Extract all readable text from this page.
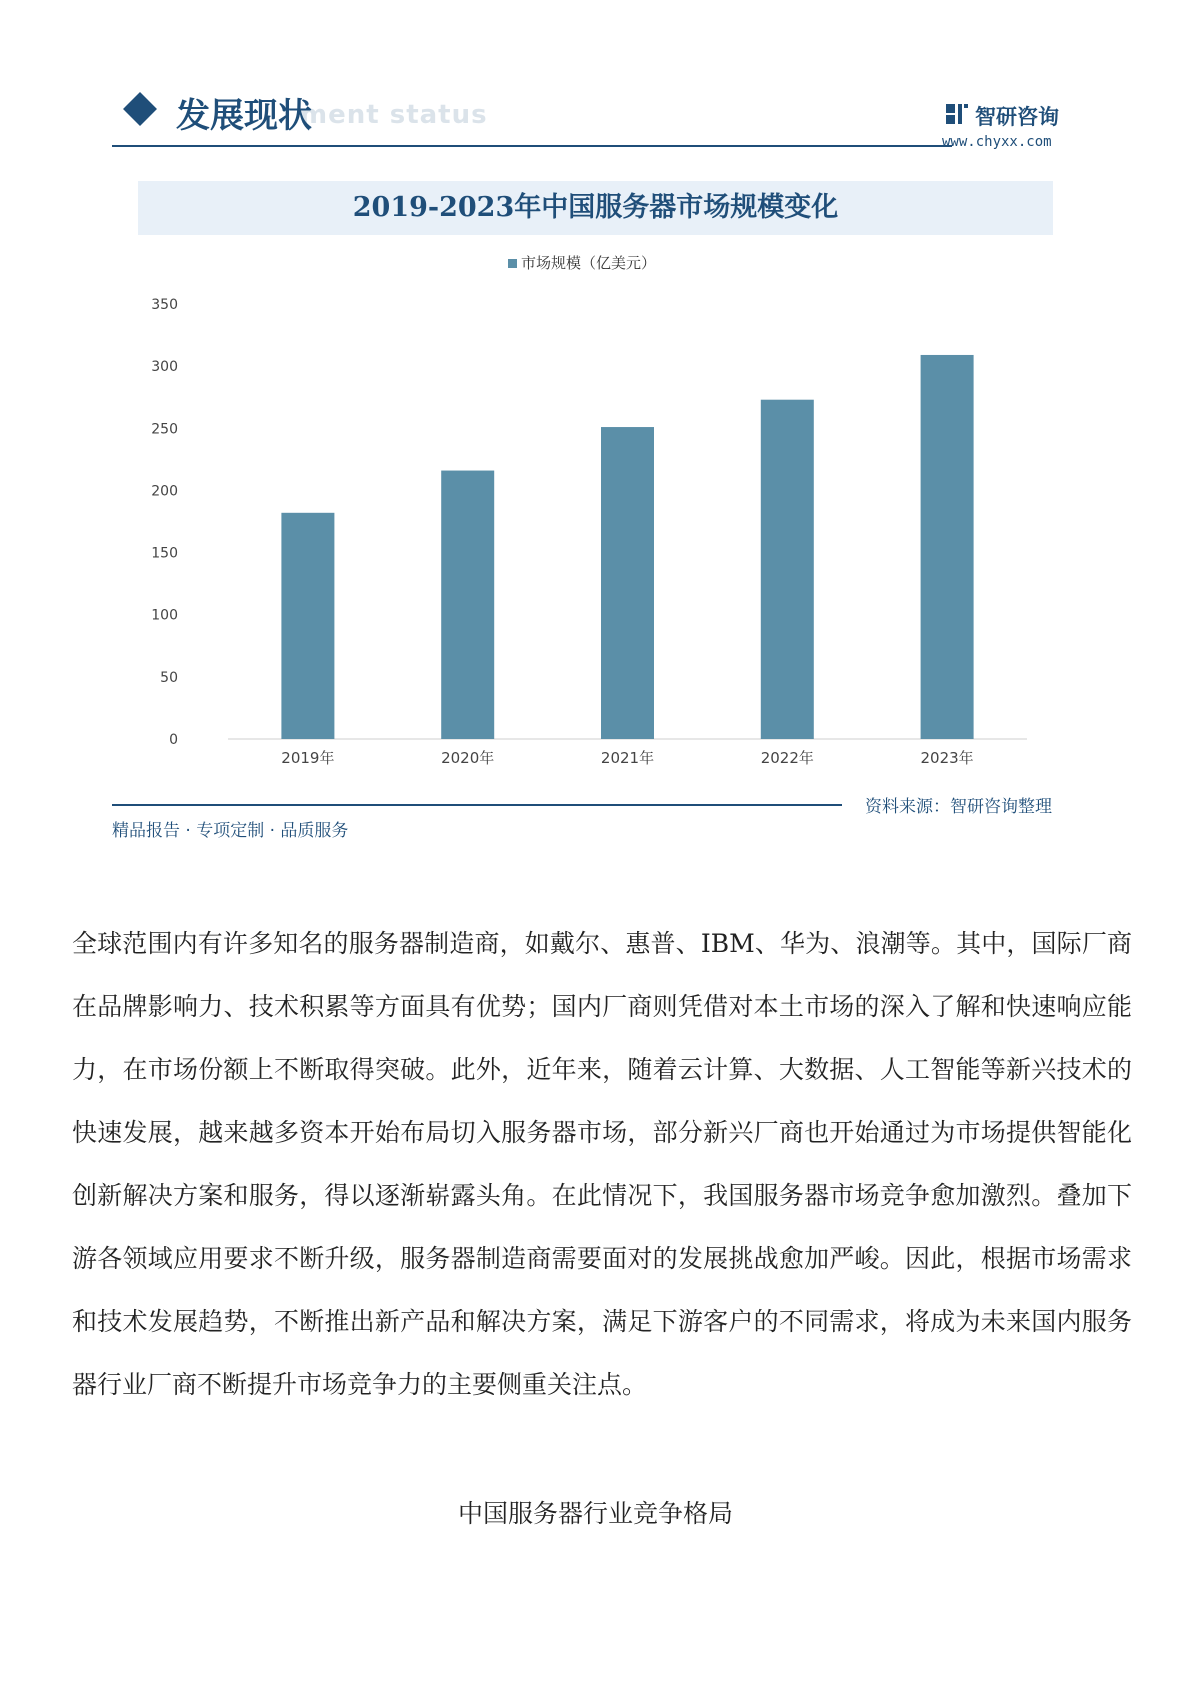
ment status
发展现状	智研咨询
www.chyxx.com
2019-2023年中国服务器市场规模变化
市场规模（亿美元）
0
50
100
150
200
250
300
350
2019年	2020年	2021年	2022年	2023年
资料来源：智研咨询整理
精品报告 · 专项定制 · 品质服务
全球范围内有许多知名的服务器制造商，如戴尔、惠普、IBM、华为、浪潮等。其中，国际厂商在品牌影响力、技术积累等方面具有优势；国内厂商则凭借对本土市场的深入了解和快速响应能力，在市场份额上不断取得突破。此外，近年来，随着云计算、大数据、人工智能等新兴技术的快速发展，越来越多资本开始布局切入服务器市场，部分新兴厂商也开始通过为市场提供智能化创新解决方案和服务，得以逐渐崭露头角。在此情况下，我国服务器市场竞争愈加激烈。叠加下游各领域应用要求不断升级，服务器制造商需要面对的发展挑战愈加严峻。因此，根据市场需求和技术发展趋势，不断推出新产品和解决方案，满足下游客户的不同需求，将成为未来国内服务器行业厂商不断提升市场竞争力的主要侧重关注点。
中国服务器行业竞争格局
